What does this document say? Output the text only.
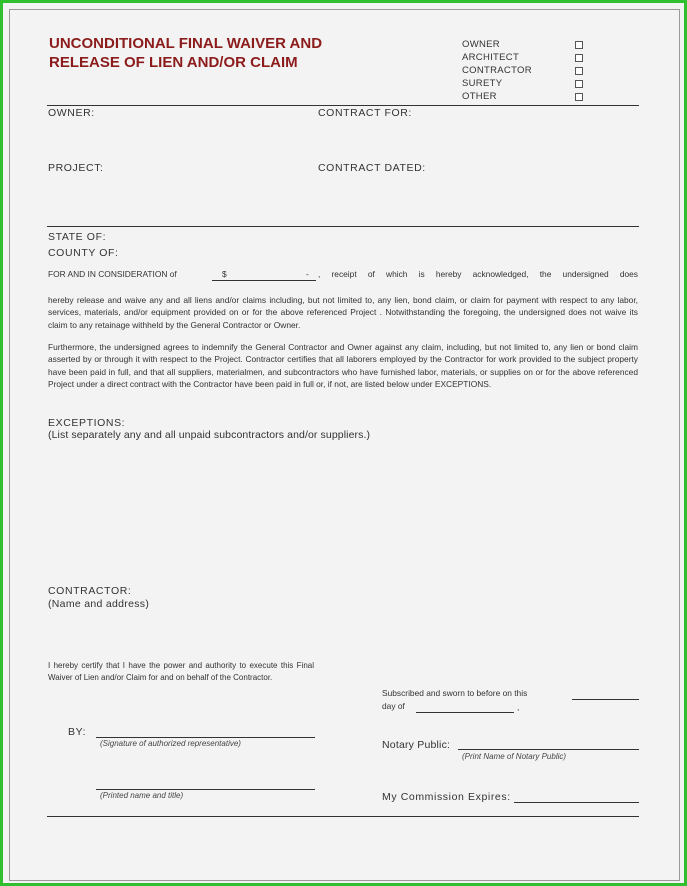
UNCONDITIONAL FINAL WAIVER AND
RELEASE OF LIEN AND/OR CLAIM
OWNER
ARCHITECT
CONTRACTOR
SURETY
OTHER
OWNER:	CONTRACT FOR:
PROJECT:	CONTRACT DATED:
STATE OF:
COUNTY OF:
FOR AND IN CONSIDERATION of	$	- , receipt of which is hereby acknowledged, the undersigned does
hereby release and waive any and all liens and/or claims including, but not limited to, any lien, bond claim, or claim for payment with respect to any labor, services, materials, and/or equipment provided on or for the above referenced Project . Notwithstanding the foregoing, the undersigned does not waive its claim to any retainage withheld by the General Contractor or Owner.
Furthermore, the undersigned agrees to indemnify the General Contractor and Owner against any claim, including, but not limited to, any lien or bond claim asserted by or through it with respect to the Project. Contractor certifies that all laborers employed by the Contractor for work provided to the subject property have been paid in full, and that all suppliers, materialmen, and subcontractors who have furnished labor, materials, or supplies on or for the above referenced Project under a direct contract with the Contractor have been paid in full or, if not, are listed below under EXCEPTIONS.
EXCEPTIONS:
(List separately any and all unpaid subcontractors and/or suppliers.)
CONTRACTOR:
(Name and address)
I hereby certify that I have the power and authority to execute this Final Waiver of Lien and/or Claim for and on behalf of the Contractor.
BY:
(Signature of authorized representative)
(Printed name and title)
Subscribed and sworn to before on this
day of	,
Notary Public:
(Print Name of Notary Public)
My Commission Expires:
